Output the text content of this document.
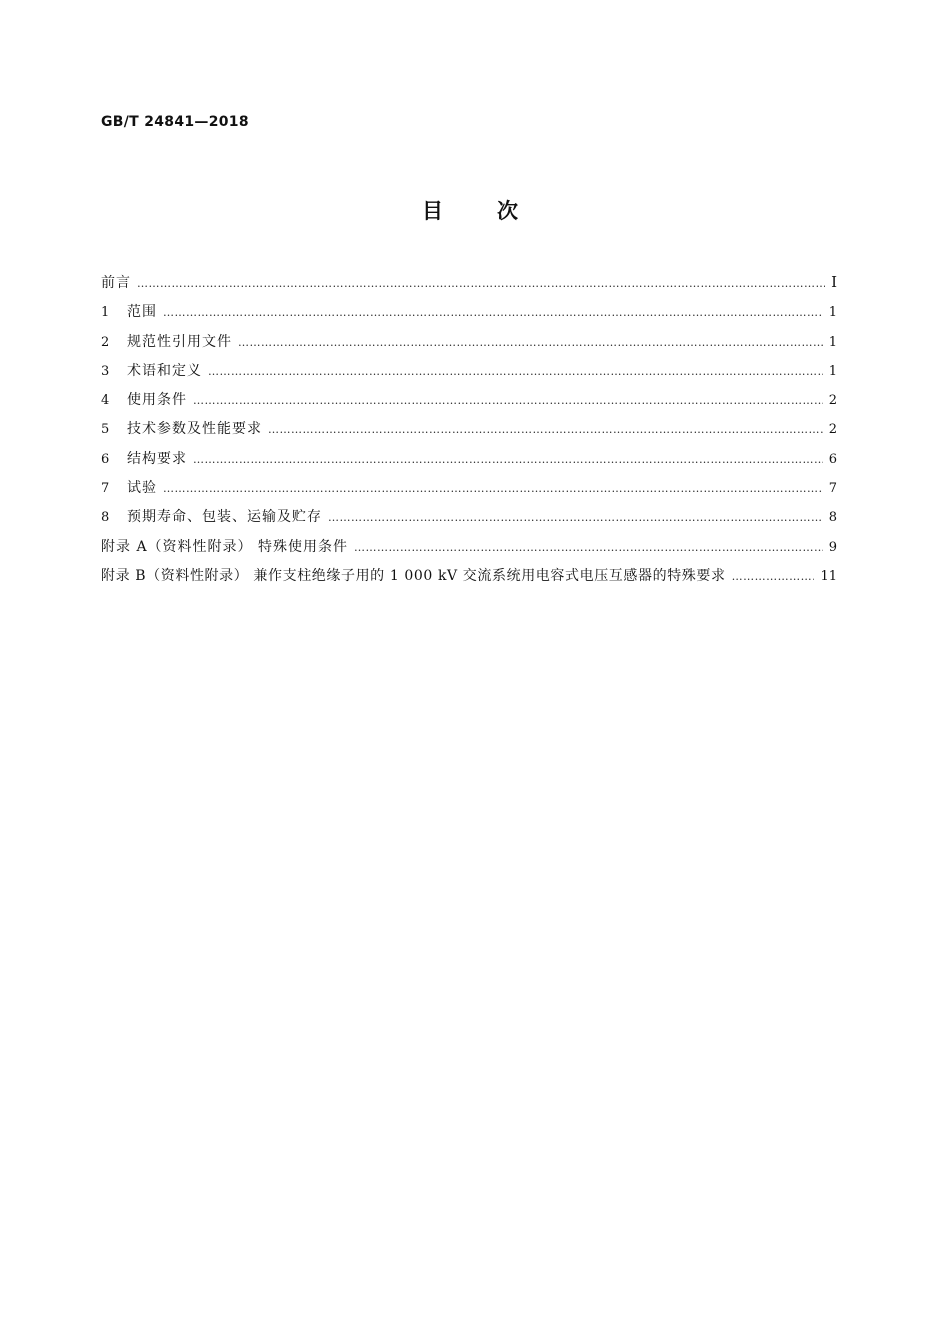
GB/T 24841—2018
目次
前言 ……………………………………………………………………………………………………………………………………………………………………………………………………………………………	Ⅰ
1	范围 ……………………………………………………………………………………………………………………………………………………………………………………………………………………………	1
2	规范性引用文件 ……………………………………………………………………………………………………………………………………………………………………………………………………………………………	1
3	术语和定义 ……………………………………………………………………………………………………………………………………………………………………………………………………………………………	1
4	使用条件 ……………………………………………………………………………………………………………………………………………………………………………………………………………………………	2
5	技术参数及性能要求 ……………………………………………………………………………………………………………………………………………………………………………………………………………………………	2
6	结构要求 ……………………………………………………………………………………………………………………………………………………………………………………………………………………………	6
7	试验 ……………………………………………………………………………………………………………………………………………………………………………………………………………………………	7
8	预期寿命、包装、运输及贮存 ……………………………………………………………………………………………………………………………………………………………………………………………………………………………	8
附录 A（资料性附录） 特殊使用条件 ……………………………………………………………………………………………………………………………………………………………………………………………………………………………	9
附录 B（资料性附录） 兼作支柱绝缘子用的 1 000 kV 交流系统用电容式电压互感器的特殊要求 ……………………………………………………………………………………………………………………………………………………………………………………………………………………………	11
